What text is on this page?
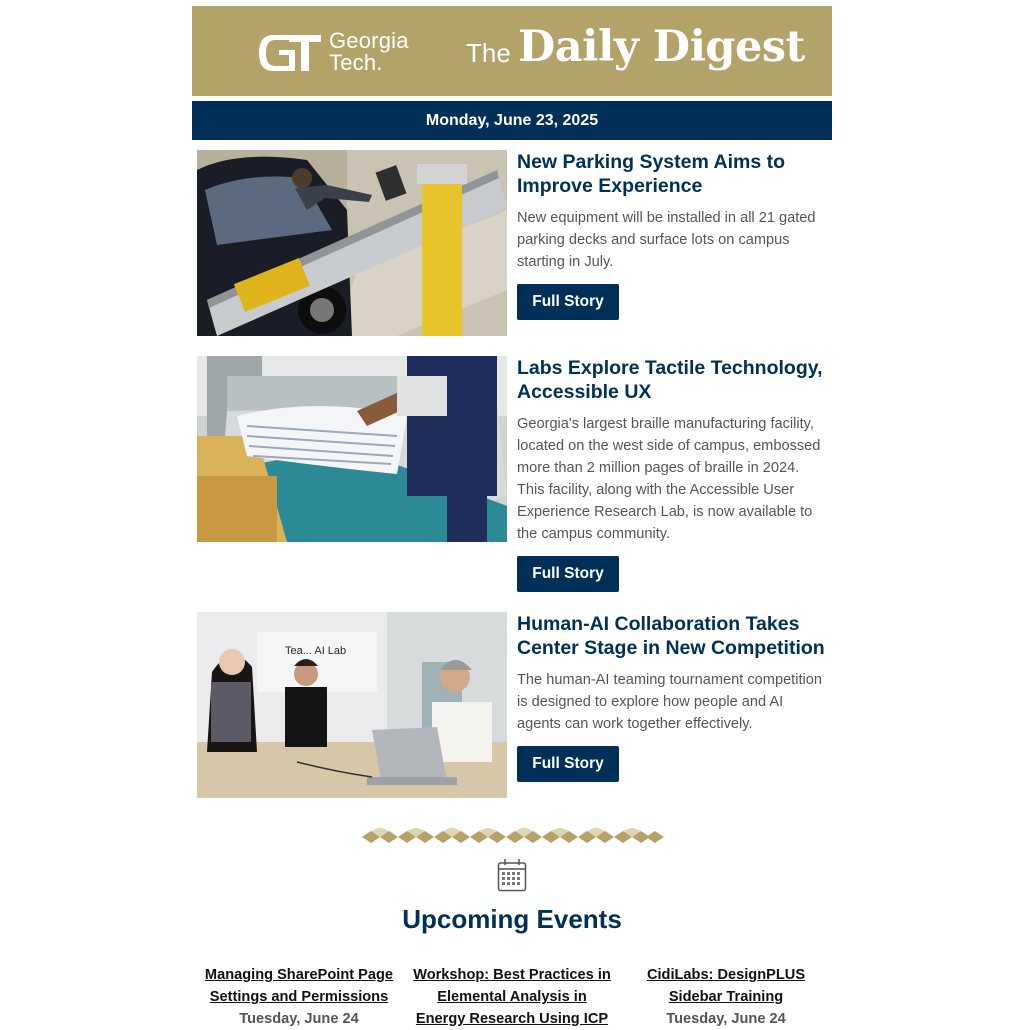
Georgia
Tech.	The Daily Digest
Monday, June 23, 2025
New Parking System Aims to Improve Experience
New equipment will be installed in all 21 gated parking decks and surface lots on campus starting in July.
Full Story
Labs Explore Tactile Technology, Accessible UX
Georgia's largest braille manufacturing facility, located on the west side of campus, embossed more than 2 million pages of braille in 2024. This facility, along with the Accessible User Experience Research Lab, is now available to the campus community.
Full Story
Tea... AI Lab
Human-AI Collaboration Takes Center Stage in New Competition
The human-AI teaming tournament competition is designed to explore how people and AI agents can work together effectively.
Full Story
Upcoming Events
Managing SharePoint Page Settings and Permissions
Tuesday, June 24
Workshop: Best Practices in Elemental Analysis in Energy Research Using ICP
CidiLabs: DesignPLUS Sidebar Training
Tuesday, June 24
